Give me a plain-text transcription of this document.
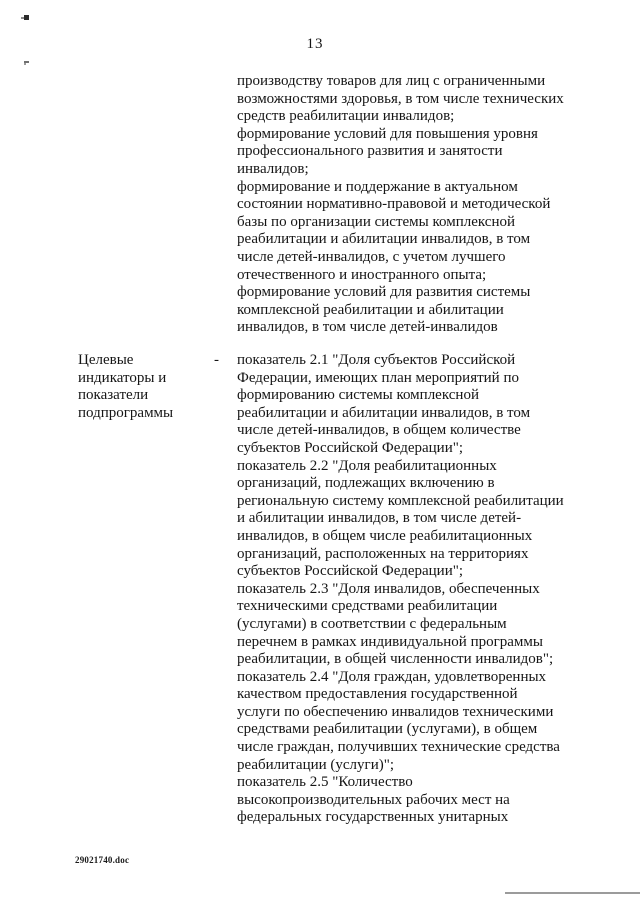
13
производству товаров для лиц с ограниченными
возможностями здоровья, в том числе технических
средств реабилитации инвалидов;
формирование условий для повышения уровня
профессионального развития и занятости
инвалидов;
формирование и поддержание в актуальном
состоянии нормативно-правовой и методической
базы по организации системы комплексной
реабилитации и абилитации инвалидов, в том
числе детей-инвалидов, с учетом лучшего
отечественного и иностранного опыта;
формирование условий для развития системы
комплексной реабилитации и абилитации
инвалидов, в том числе детей-инвалидов
Целевые
индикаторы и
показатели
подпрограммы
- показатель 2.1 "Доля субъектов Российской
Федерации, имеющих план мероприятий по
формированию системы комплексной
реабилитации и абилитации инвалидов, в том
числе детей-инвалидов, в общем количестве
субъектов Российской Федерации";
показатель 2.2 "Доля реабилитационных
организаций, подлежащих включению в
региональную систему комплексной реабилитации
и абилитации инвалидов, в том числе детей-
инвалидов, в общем числе реабилитационных
организаций, расположенных на территориях
субъектов Российской Федерации";
показатель 2.3 "Доля инвалидов, обеспеченных
техническими средствами реабилитации
(услугами) в соответствии с федеральным
перечнем в рамках индивидуальной программы
реабилитации, в общей численности инвалидов";
показатель 2.4 "Доля граждан, удовлетворенных
качеством предоставления государственной
услуги по обеспечению инвалидов техническими
средствами реабилитации (услугами), в общем
числе граждан, получивших технические средства
реабилитации (услуги)";
показатель 2.5 "Количество
высокопроизводительных рабочих мест на
федеральных государственных унитарных
29021740.doc
